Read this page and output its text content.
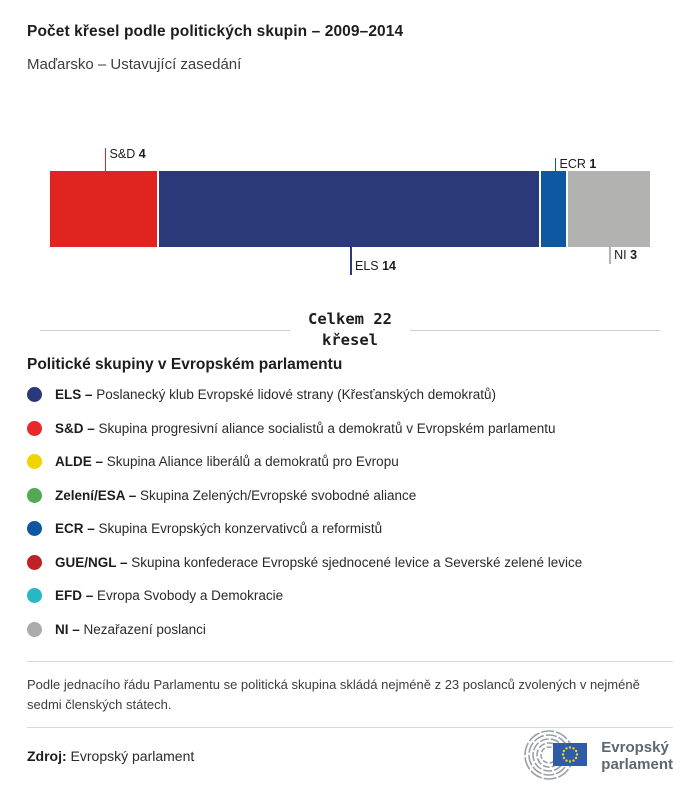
Počet křesel podle politických skupin – 2009–2014
Maďarsko – Ustavující zasedání
S&D 4
ELS 14
ECR 1
NI 3
Celkem 22
křesel
Politické skupiny v Evropském parlamentu
ELS – Poslanecký klub Evropské lidové strany (Křesťanských demokratů)
S&D – Skupina progresivní aliance socialistů a demokratů v Evropském parlamentu
ALDE – Skupina Aliance liberálů a demokratů pro Evropu
Zelení/ESA – Skupina Zelených/Evropské svobodné aliance
ECR – Skupina Evropských konzervativců a reformistů
GUE/NGL – Skupina konfederace Evropské sjednocené levice a Severské zelené levice
EFD – Evropa Svobody a Demokracie
NI – Nezařazení poslanci

Podle jednacího řádu Parlamentu se politická skupina skládá nejméně z 23 poslanců zvolených v nejméně sedmi členských státech.

Zdroj: Evropský parlament	Evropský
parlament
